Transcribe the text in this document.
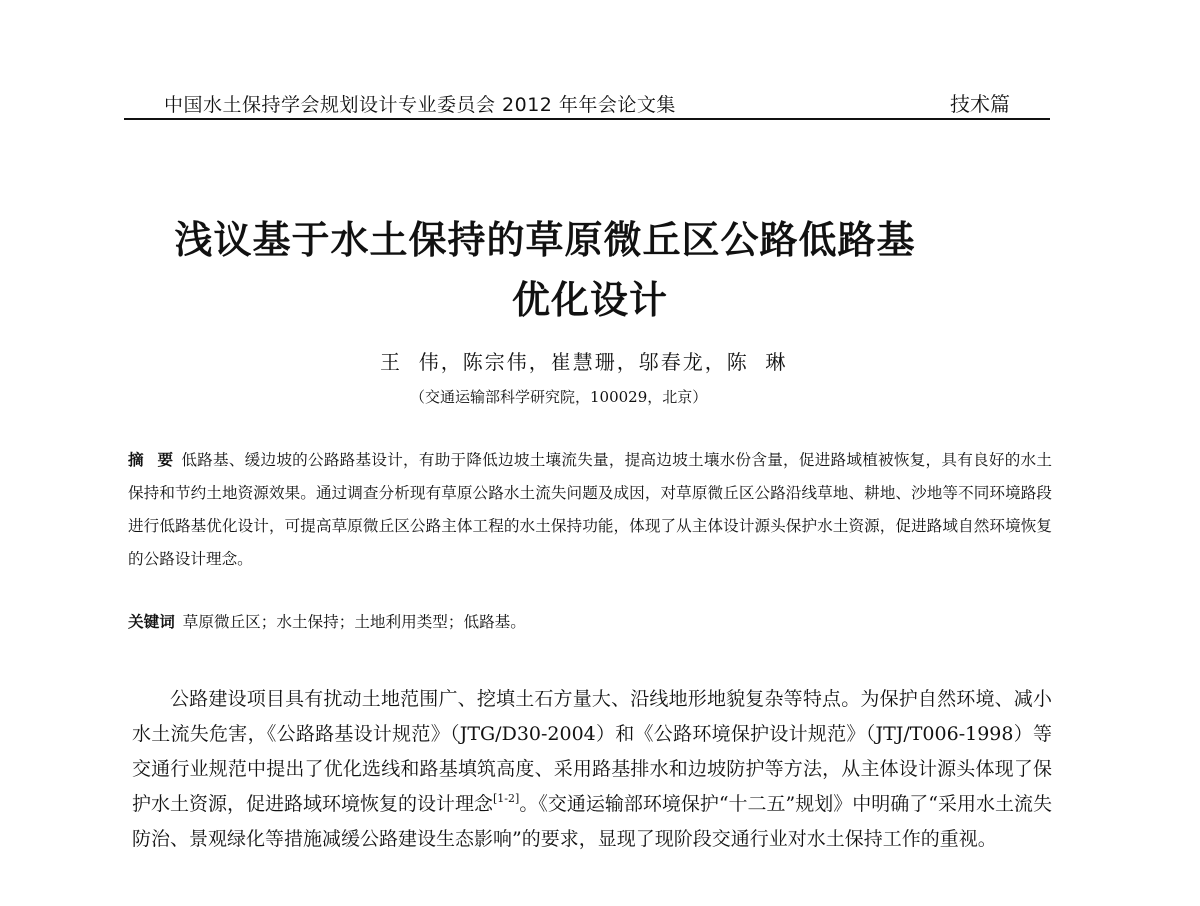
中国水土保持学会规划设计专业委员会 2012 年年会论文集	技术篇
浅议基于水土保持的草原微丘区公路低路基
优化设计
王  伟，陈宗伟，崔慧珊，邬春龙，陈  琳
（交通运输部科学研究院，100029，北京）
摘 要 低路基、缓边坡的公路路基设计，有助于降低边坡土壤流失量，提高边坡土壤水份含量，促进路域植被恢复，具有良好的水土保持和节约土地资源效果。通过调查分析现有草原公路水土流失问题及成因，对草原微丘区公路沿线草地、耕地、沙地等不同环境路段进行低路基优化设计，可提高草原微丘区公路主体工程的水土保持功能，体现了从主体设计源头保护水土资源，促进路域自然环境恢复的公路设计理念。
关键词 草原微丘区；水土保持；土地利用类型；低路基。
公路建设项目具有扰动土地范围广、挖填土石方量大、沿线地形地貌复杂等特点。为保护自然环境、减小水土流失危害，《公路路基设计规范》（JTG/D30-2004）和《公路环境保护设计规范》（JTJ/T006-1998）等交通行业规范中提出了优化选线和路基填筑高度、采用路基排水和边坡防护等方法，从主体设计源头体现了保护水土资源，促进路域环境恢复的设计理念[1-2]。《交通运输部环境保护“十二五”规划》中明确了“采用水土流失防治、景观绿化等措施减缓公路建设生态影响”的要求，显现了现阶段交通行业对水土保持工作的重视。
